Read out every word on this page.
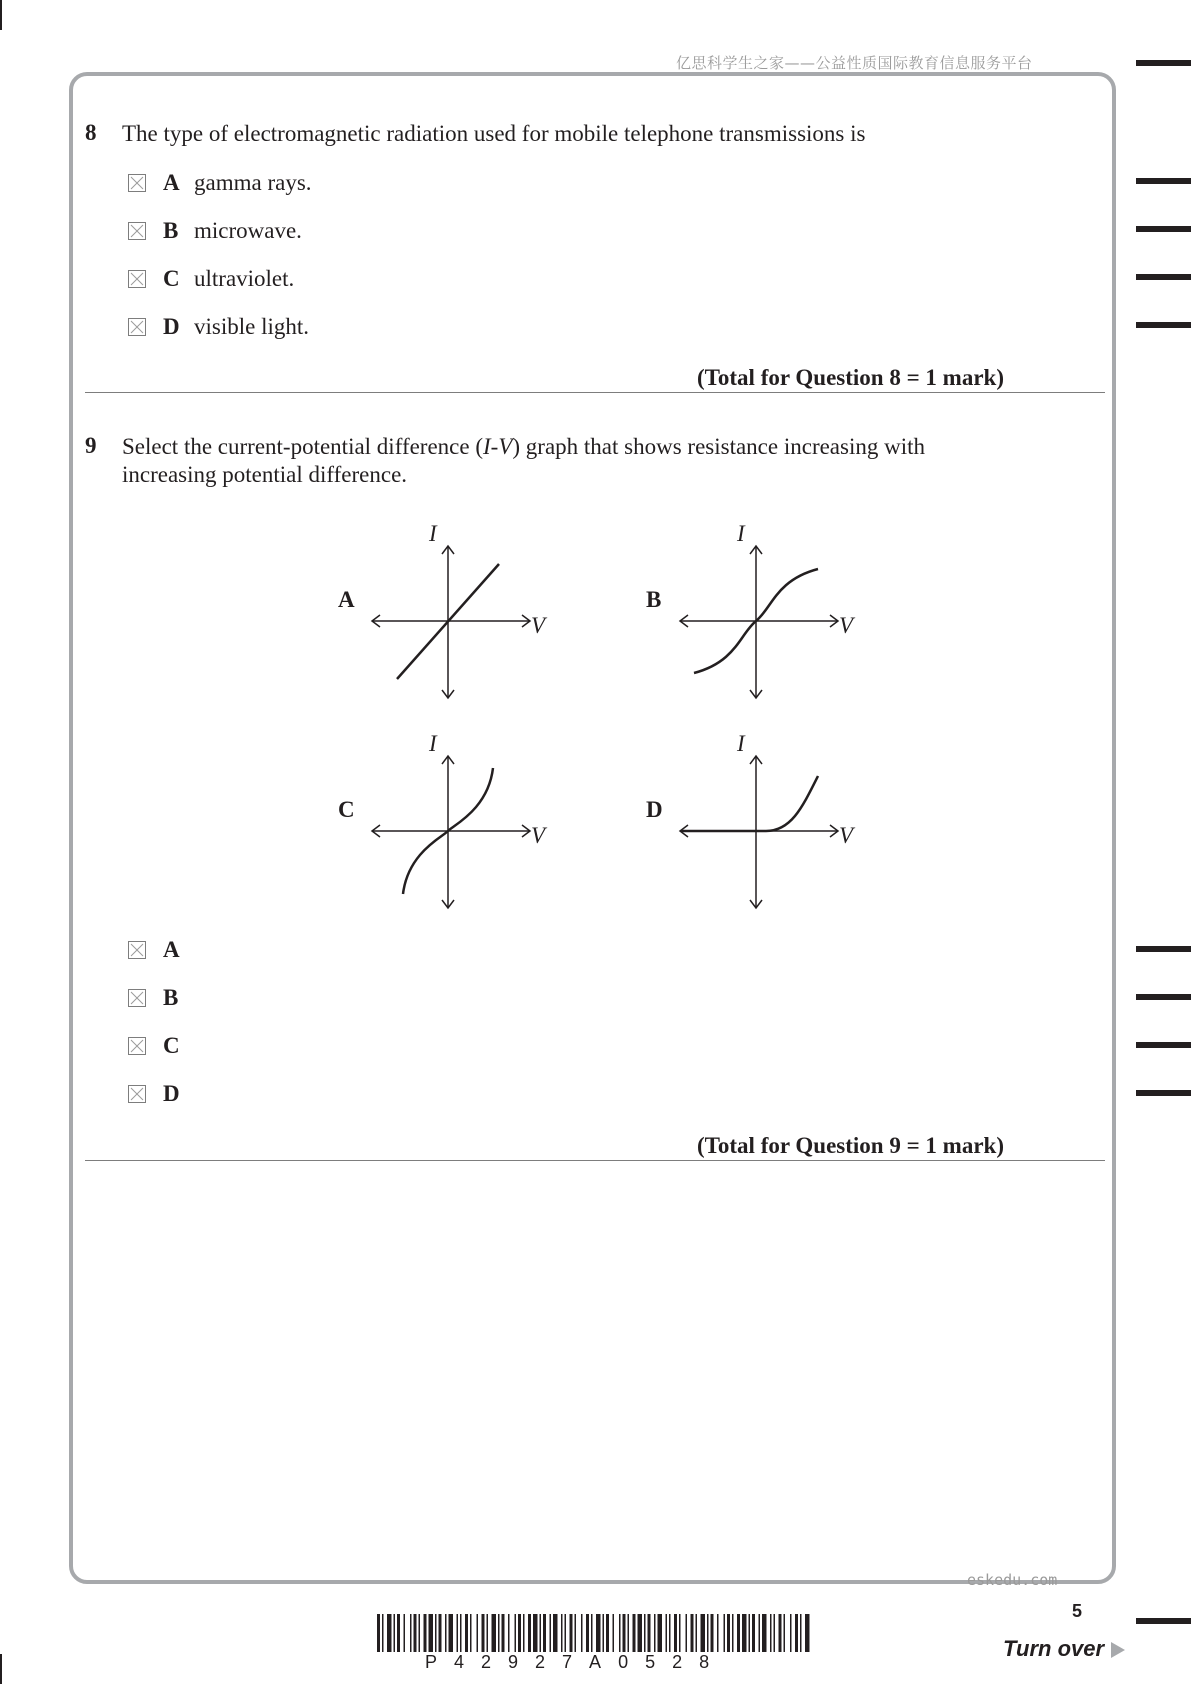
亿思科学生之家——公益性质国际教育信息服务平台
8 The type of electromagnetic radiation used for mobile telephone transmissions is
A gamma rays.
B microwave.
C ultraviolet.
D visible light.
(Total for Question 8 = 1 mark)
9 Select the current-potential difference (I-V) graph that shows resistance increasing with
increasing potential difference.
A
I
V
B
I
V
C
I
V
D
I
V
A
B
C
D
(Total for Question 9 = 1 mark)
eskedu.com
5
Turn over
P42927A0528
